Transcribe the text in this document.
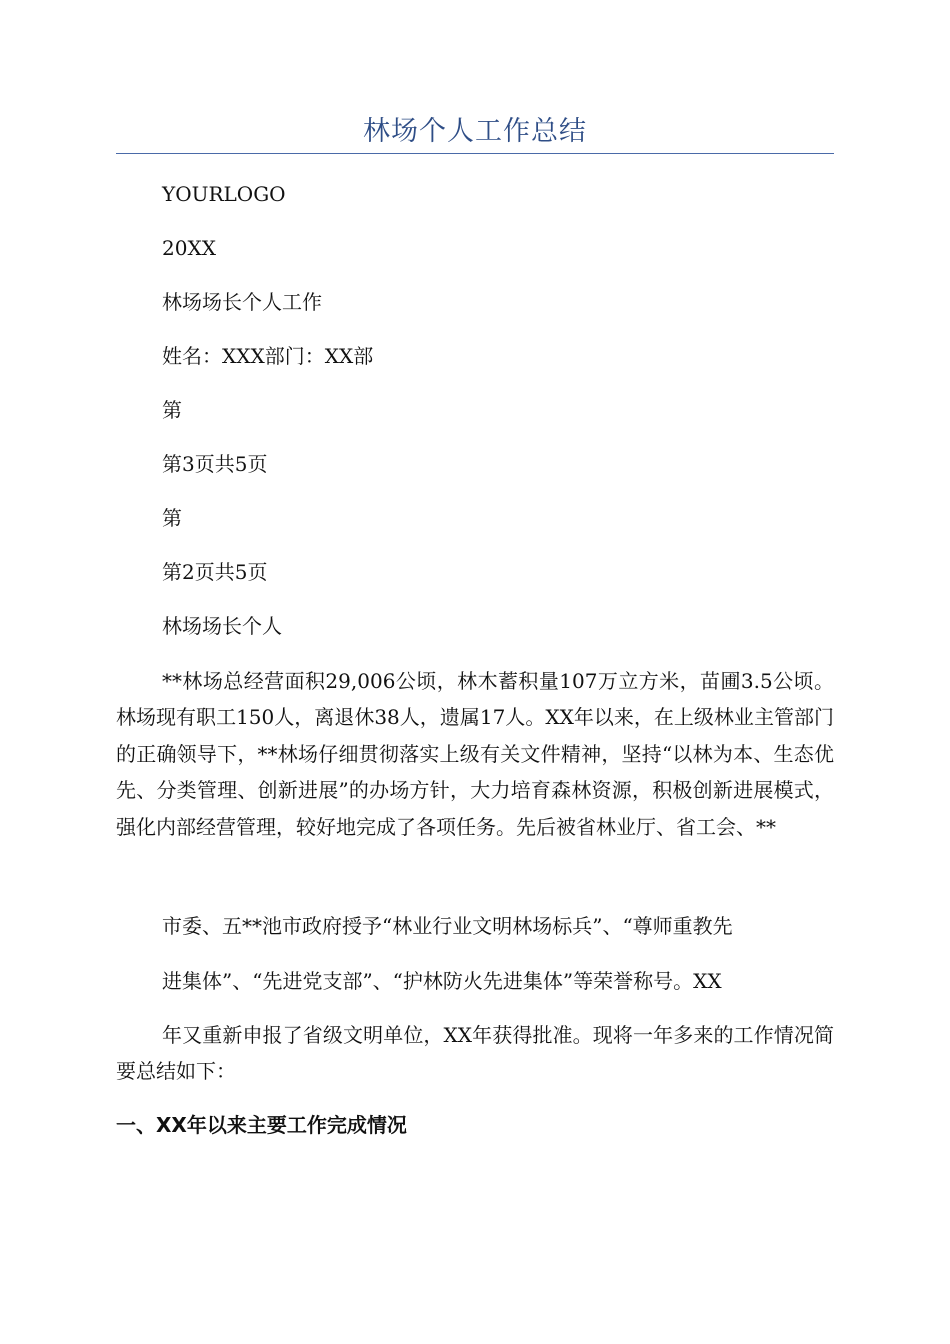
林场个人工作总结
YOURLOGO
20XX
林场场长个人工作
姓名：XXX部门：XX部
第
第3页共5页
第
第2页共5页
林场场长个人
**林场总经营面积29,006公顷，林木蓄积量107万立方米，苗圃3.5公顷。林场现有职工150人，离退休38人，遗属17人。XX年以来，在上级林业主管部门的正确领导下，**林场仔细贯彻落实上级有关文件精神，坚持“以林为本、生态优先、分类管理、创新进展”的办场方针，大力培育森林资源，积极创新进展模式，强化内部经营管理，较好地完成了各项任务。先后被省林业厅、省工会、**
市委、五**池市政府授予“林业行业文明林场标兵”、“尊师重教先
进集体”、“先进党支部”、“护林防火先进集体”等荣誉称号。XX
年又重新申报了省级文明单位，XX年获得批准。现将一年多来的工作情况简要总结如下：
一、XX年以来主要工作完成情况
